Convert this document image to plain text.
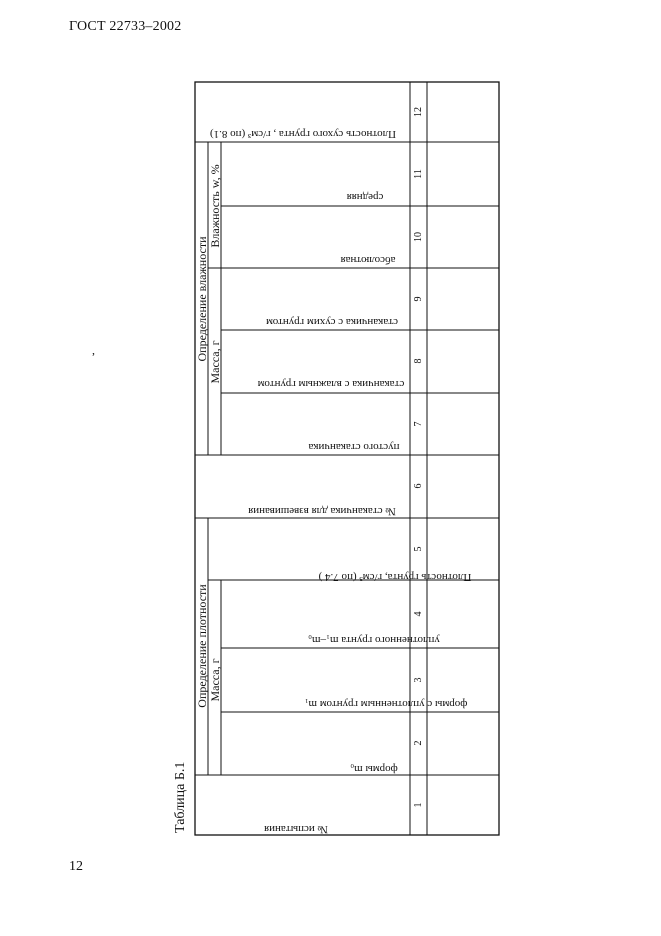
ГОСТ 22733–2002
,
Таблица Б.1
12
Определение влажности
Масса, г
Влажность w, %
Определение плотности Масса, г
№ испытания
формы m₀
формы с уплотненным грунтом m₁
уплотненного грунта m₁–m₀
Плотность грунта, г/см³ (по 7.4 )
№ стаканчика для взвешивания
пустого стаканчика
стаканчика с влажным грунтом
стаканчика с сухим грунтом
абсолютная
средняя
Плотность сухого грунта , г/см³ (по 8.1)
1
2
3
4
5
6
7
8
9
10
11
12
